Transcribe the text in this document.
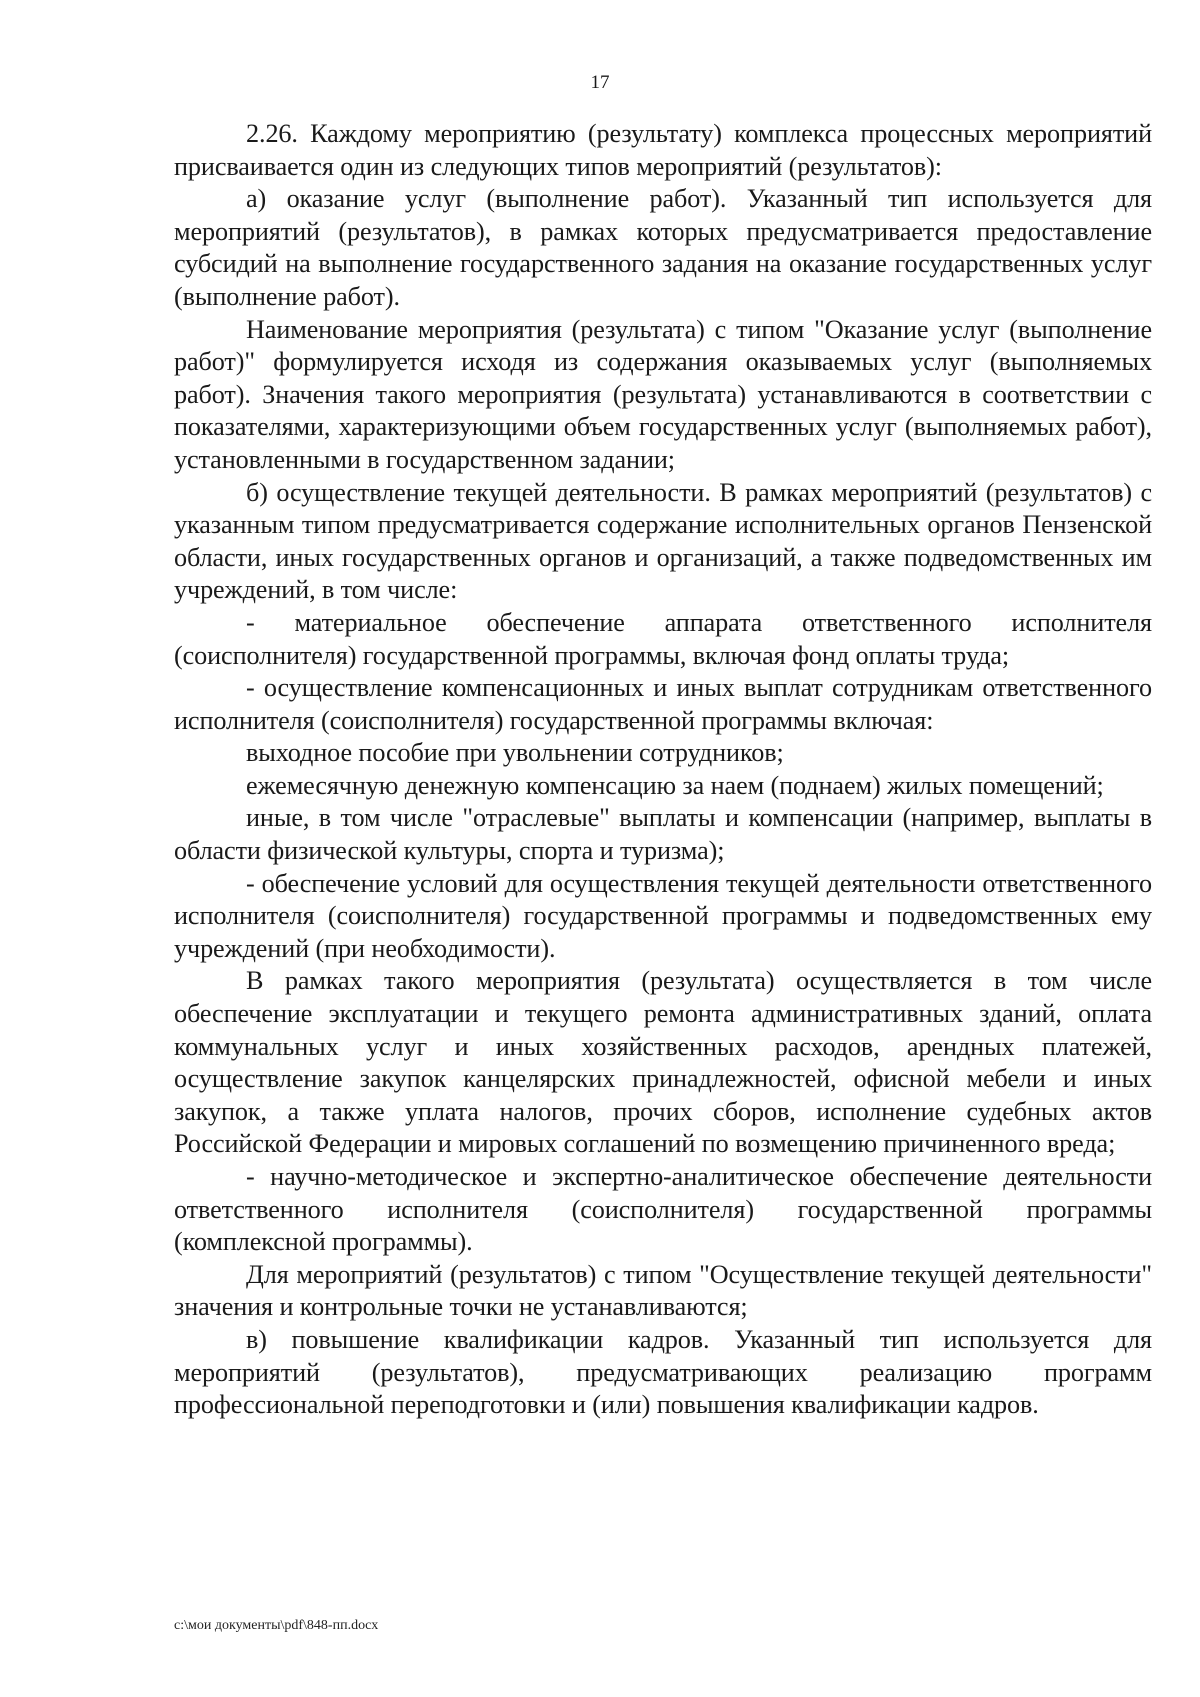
17

2.26. Каждому мероприятию (результату) комплекса процессных мероприятий присваивается один из следующих типов мероприятий (результатов):

а) оказание услуг (выполнение работ). Указанный тип используется для мероприятий (результатов), в рамках которых предусматривается предоставление субсидий на выполнение государственного задания на оказание государственных услуг (выполнение работ).

Наименование мероприятия (результата) с типом "Оказание услуг (выполнение работ)" формулируется исходя из содержания оказываемых услуг (выполняемых работ). Значения такого мероприятия (результата) устанавливаются в соответствии с показателями, характеризующими объем государственных услуг (выполняемых работ), установленными в государственном задании;

б) осуществление текущей деятельности. В рамках мероприятий (результатов) с указанным типом предусматривается содержание исполнительных органов Пензенской области, иных государственных органов и организаций, а также подведомственных им учреждений, в том числе:

- материальное обеспечение аппарата ответственного исполнителя (соисполнителя) государственной программы, включая фонд оплаты труда;

- осуществление компенсационных и иных выплат сотрудникам ответственного исполнителя (соисполнителя) государственной программы включая:

выходное пособие при увольнении сотрудников;

ежемесячную денежную компенсацию за наем (поднаем) жилых помещений;

иные, в том числе "отраслевые" выплаты и компенсации (например, выплаты в области физической культуры, спорта и туризма);

- обеспечение условий для осуществления текущей деятельности ответственного исполнителя (соисполнителя) государственной программы и подведомственных ему учреждений (при необходимости).

В рамках такого мероприятия (результата) осуществляется в том числе обеспечение эксплуатации и текущего ремонта административных зданий, оплата коммунальных услуг и иных хозяйственных расходов, арендных платежей, осуществление закупок канцелярских принадлежностей, офисной мебели и иных закупок, а также уплата налогов, прочих сборов, исполнение судебных актов Российской Федерации и мировых соглашений по возмещению причиненного вреда;

- научно-методическое и экспертно-аналитическое обеспечение деятельности ответственного исполнителя (соисполнителя) государственной программы (комплексной программы).

Для мероприятий (результатов) с типом "Осуществление текущей деятельности" значения и контрольные точки не устанавливаются;

в) повышение квалификации кадров. Указанный тип используется для мероприятий (результатов), предусматривающих реализацию программ профессиональной переподготовки и (или) повышения квалификации кадров.

c:\мои документы\pdf\848-пп.docx
